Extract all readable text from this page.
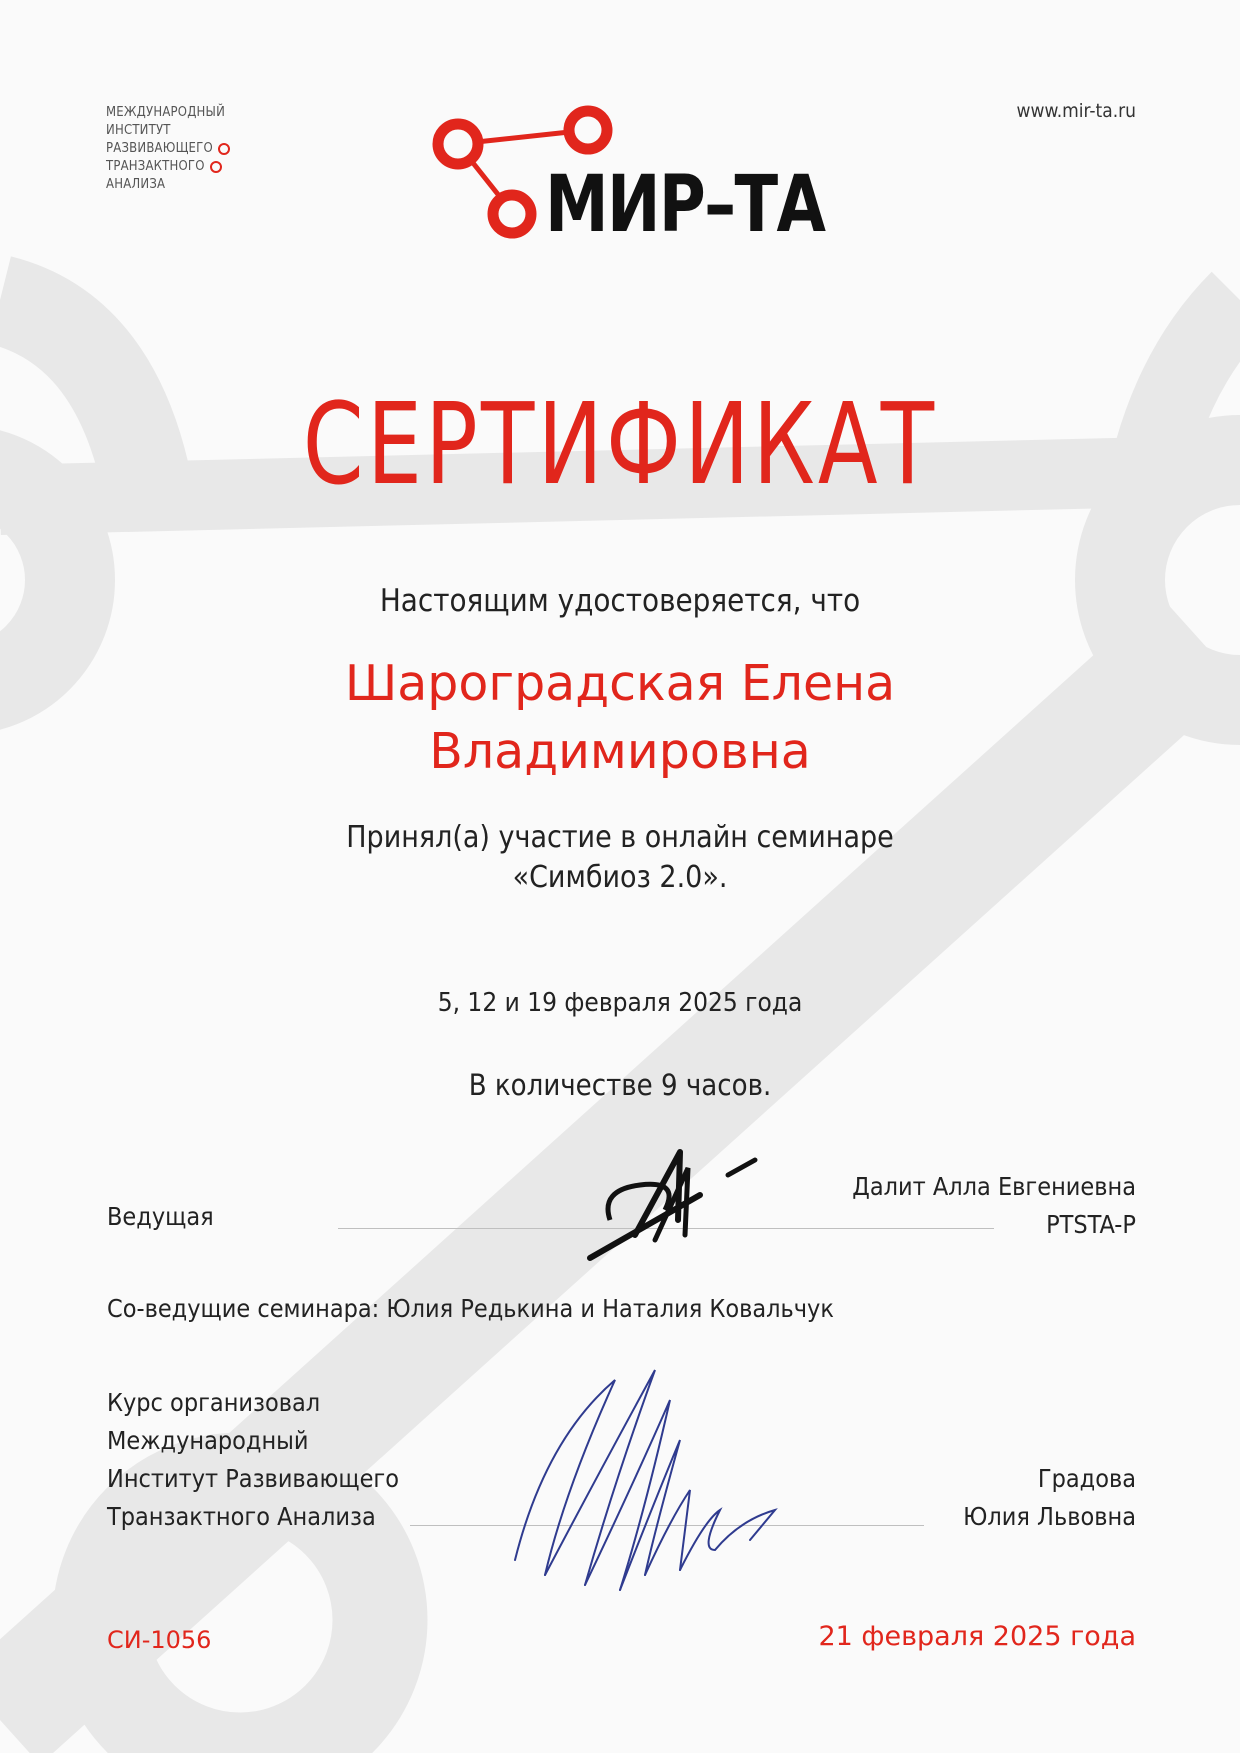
МЕЖДУНАРОДНЫЙ
ИНСТИТУТ
РАЗВИВАЮЩЕГО
ТРАНЗАКТНОГО
АНАЛИЗА	МИР–ТА
www.mir-ta.ru
СЕРТИФИКАТ
Настоящим удостоверяется, что
Шароградская Елена
Владимировна
Принял(а) участие в онлайн семинаре
«Симбиоз 2.0».
5, 12 и 19 февраля 2025 года
В количестве 9 часов.
Ведущая
Далит Алла Евгениевна
PTSTA-P
Со-ведущие семинара: Юлия Редькина и Наталия Ковальчук
Курс организовал
Международный
Институт Развивающего
Транзактного Анализа
Градова
Юлия Львовна
СИ-1056	21 февраля 2025 года
